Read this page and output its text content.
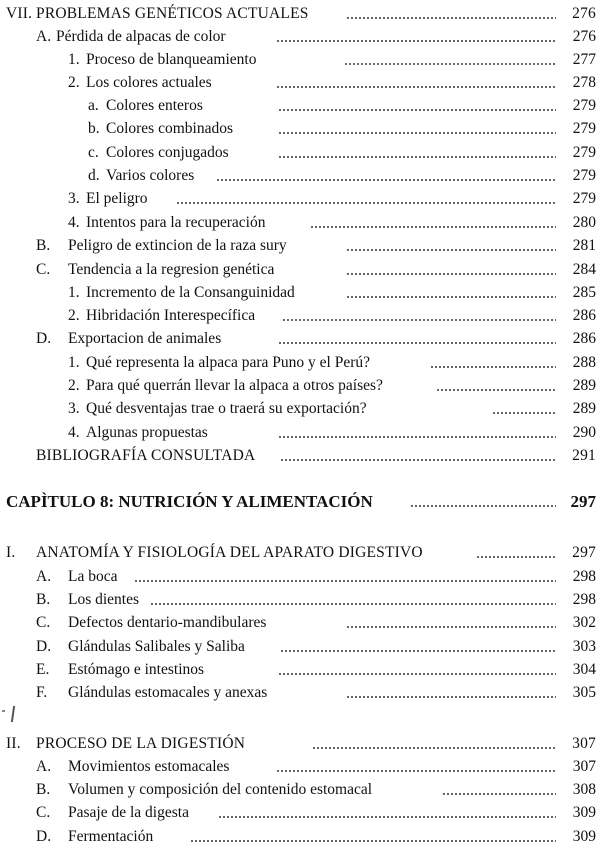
VII. PROBLEMAS GENÉTICOS ACTUALES	276
A. Pérdida de alpacas de color	276
1. Proceso de blanqueamiento	277
2. Los colores actuales	278
a. Colores enteros	279
b. Colores combinados	279
c. Colores conjugados	279
d. Varios colores	279
3. El peligro	279
4. Intentos para la recuperación	280
B. Peligro de extincion de la raza sury	281
C. Tendencia a la regresion genética	284
1. Incremento de la Consanguinidad	285
2. Hibridación Interespecífica	286
D. Exportacion de animales	286
1. Qué representa la alpaca para Puno y el Perú?	288
2. Para qué querrán llevar la alpaca a otros países?	289
3. Qué desventajas trae o traerá su exportación?	289
4. Algunas propuestas	290
BIBLIOGRAFÍA CONSULTADA	291
CAPÌTULO 8: NUTRICIÓN Y ALIMENTACIÓN	297
I. ANATOMÍA Y FISIOLOGÍA DEL APARATO DIGESTIVO	297
A. La boca	298
B. Los dientes	298
C. Defectos dentario-mandibulares	302
D. Glándulas Salibales y Saliba	303
E. Estómago e intestinos	304
F. Glándulas estomacales y anexas	305
II. PROCESO DE LA DIGESTIÓN	307
A. Movimientos estomacales	307
B. Volumen y composición del contenido estomacal	308
C. Pasaje de la digesta	309
D. Fermentación	309
